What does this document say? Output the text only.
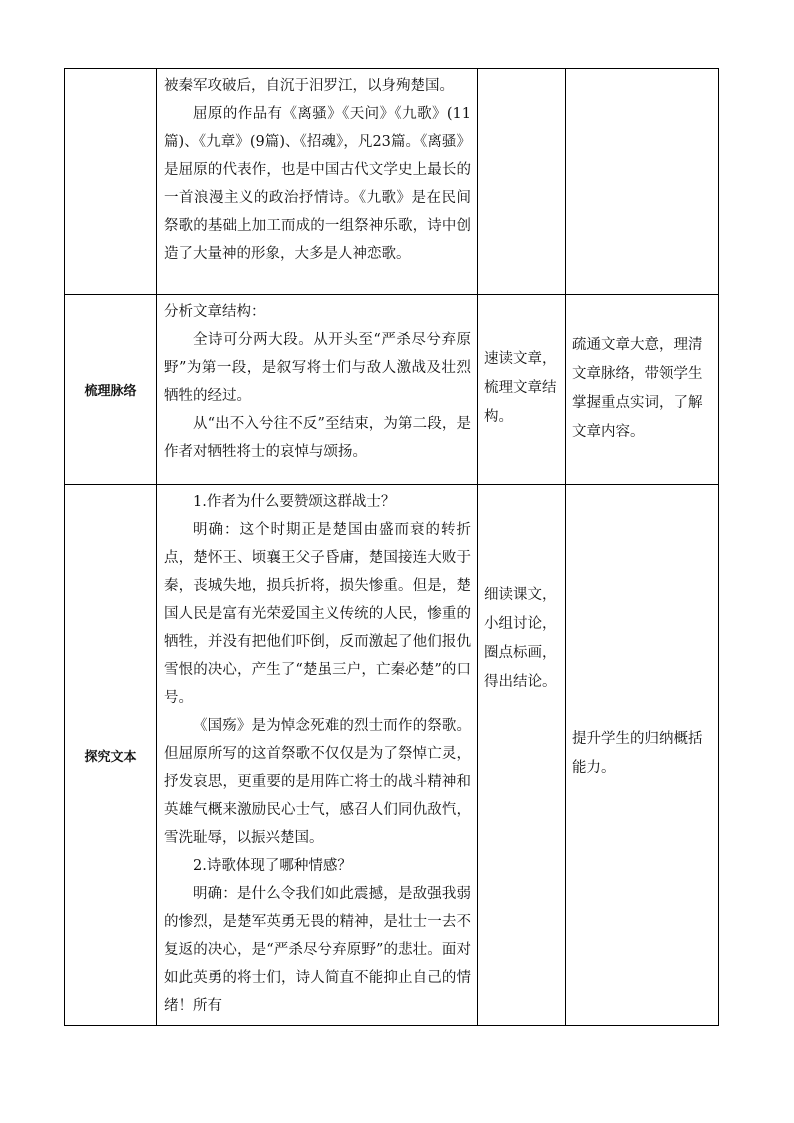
	被秦军攻破后，自沉于汨罗江，以身殉楚国。

屈原的作品有《离骚》《天问》《九歌》(11篇)、《九章》(9篇)、《招魂》，凡23篇。《离骚》是屈原的代表作，也是中国古代文学史上最长的一首浪漫主义的政治抒情诗。《九歌》是在民间祭歌的基础上加工而成的一组祭神乐歌，诗中创造了大量神的形象，大多是人神恋歌。		

梳理脉络	分析文章结构：

全诗可分两大段。从开头至“严杀尽兮弃原野”为第一段，是叙写将士们与敌人激战及壮烈牺牲的经过。

从“出不入兮往不反”至结束，为第二段，是作者对牺牲将士的哀悼与颂扬。	速读文章，梳理文章结构。	疏通文章大意，理清文章脉络，带领学生掌握重点实词，了解文章内容。

探究文本	1.作者为什么要赞颂这群战士？

明确：这个时期正是楚国由盛而衰的转折点，楚怀王、顷襄王父子昏庸，楚国接连大败于秦，丧城失地，损兵折将，损失惨重。但是，楚国人民是富有光荣爱国主义传统的人民，惨重的牺牲，并没有把他们吓倒，反而激起了他们报仇雪恨的决心，产生了“楚虽三户，亡秦必楚”的口号。

《国殇》是为悼念死难的烈士而作的祭歌。但屈原所写的这首祭歌不仅仅是为了祭悼亡灵，抒发哀思，更重要的是用阵亡将士的战斗精神和英雄气概来激励民心士气，感召人们同仇敌忾，雪洗耻辱，以振兴楚国。

2.诗歌体现了哪种情感？

明确：是什么令我们如此震撼，是敌强我弱的惨烈，是楚军英勇无畏的精神，是壮士一去不复返的决心，是“严杀尽兮弃原野”的悲壮。面对如此英勇的将士们，诗人简直不能抑止自己的情绪！所有	细读课文，小组讨论，圈点标画，得出结论。	提升学生的归纳概括能力。
